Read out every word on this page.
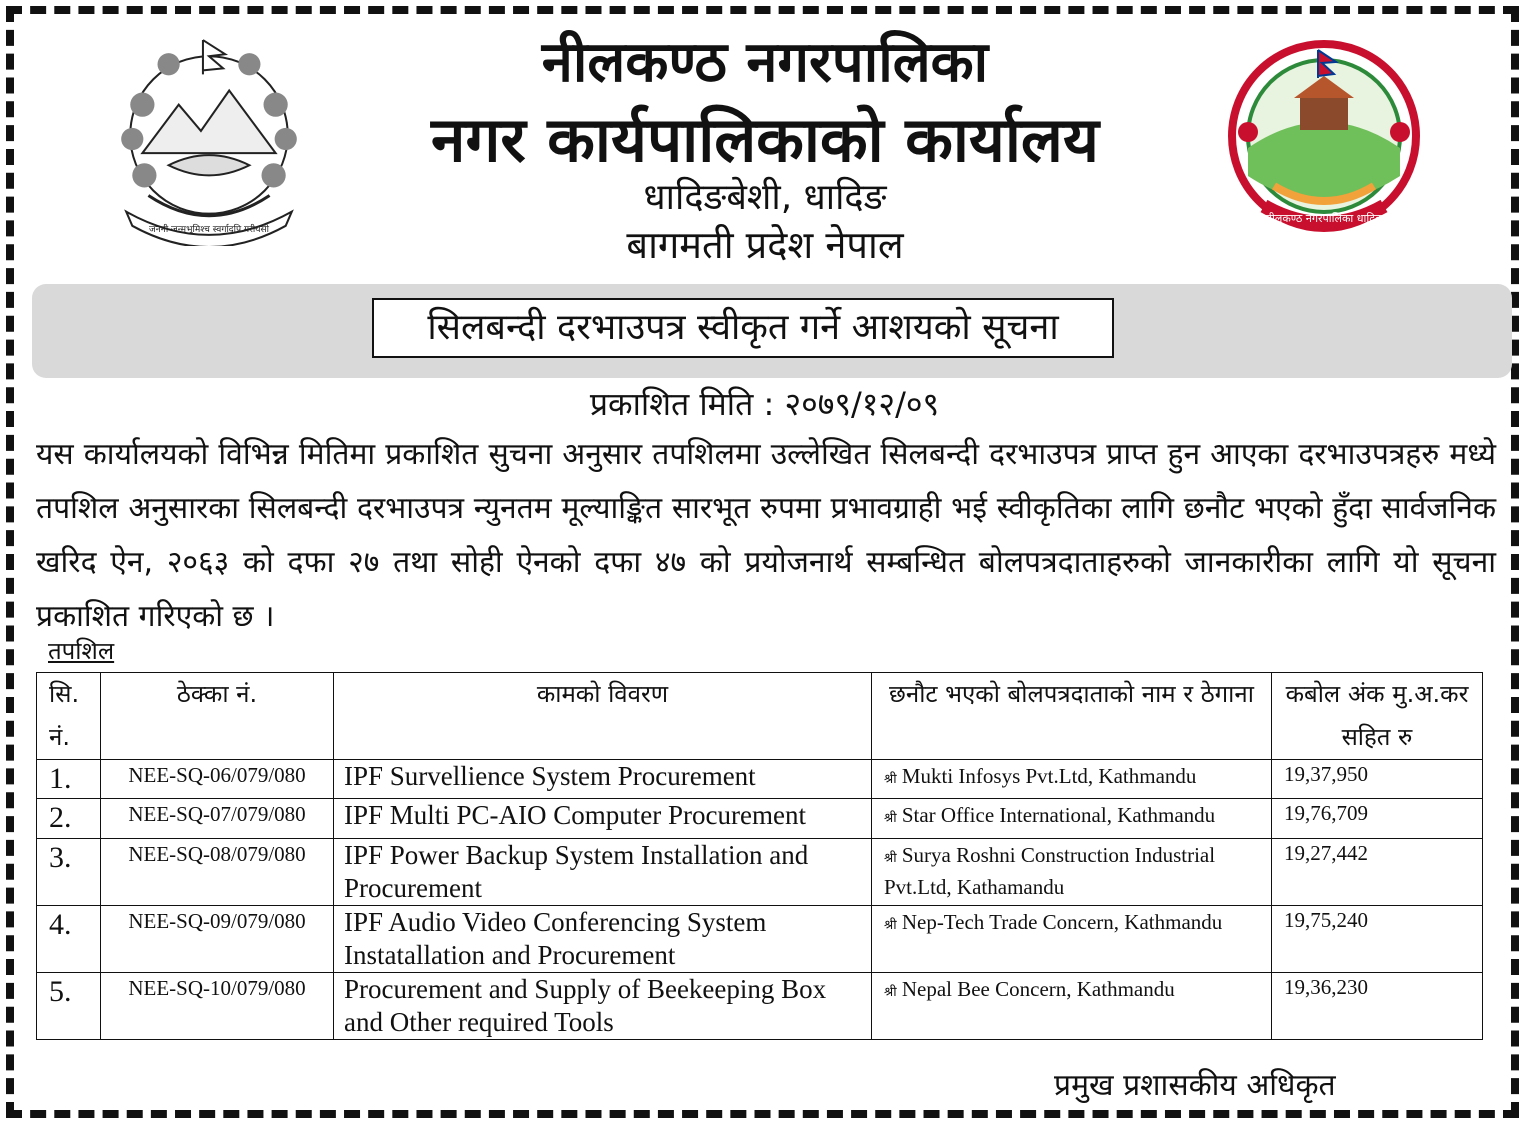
जननी जन्मभूमिश्च स्वर्गादपि गरीयसी
नीलकण्ठ नगरपालिका धादिङ
नीलकण्ठ नगरपालिका
नगर कार्यपालिकाको कार्यालय
धादिङबेशी, धादिङ
बागमती प्रदेश नेपाल
सिलबन्दी दरभाउपत्र स्वीकृत गर्ने आशयको सूचना
प्रकाशित मिति : २०७९/१२/०९
यस कार्यालयको विभिन्न मितिमा प्रकाशित सुचना अनुसार तपशिलमा उल्लेखित सिलबन्दी दरभाउपत्र प्राप्त हुन आएका दरभाउपत्रहरु मध्ये तपशिल अनुसारका सिलबन्दी दरभाउपत्र न्युनतम मूल्याङ्कित सारभूत रुपमा प्रभावग्राही भई स्वीकृतिका लागि छनौट भएको हुँदा सार्वजनिक खरिद ऐन, २०६३ को दफा २७ तथा सोही ऐनको दफा ४७ को प्रयोजनार्थ सम्बन्धित बोलपत्रदाताहरुको जानकारीका लागि यो सूचना प्रकाशित गरिएको छ ।
तपशिल
सि. नं.	ठेक्का नं.	कामको विवरण	छनौट भएको बोलपत्रदाताको नाम र ठेगाना	कबोल अंक मु.अ.कर सहित रु
1.	NEE-SQ-06/079/080	IPF Survellience System Procurement	श्री Mukti Infosys Pvt.Ltd, Kathmandu	19,37,950
2.	NEE-SQ-07/079/080	IPF Multi PC-AIO Computer Procurement	श्री Star Office International, Kathmandu	19,76,709
3.	NEE-SQ-08/079/080	IPF Power Backup System Installation and Procurement	श्री Surya Roshni Construction Industrial Pvt.Ltd, Kathamandu	19,27,442
4.	NEE-SQ-09/079/080	IPF Audio Video Conferencing System Instatallation and Procurement	श्री Nep-Tech Trade Concern, Kathmandu	19,75,240
5.	NEE-SQ-10/079/080	Procurement and Supply of Beekeeping Box and Other required Tools	श्री Nepal Bee Concern, Kathmandu	19,36,230
प्रमुख प्रशासकीय अधिकृत
